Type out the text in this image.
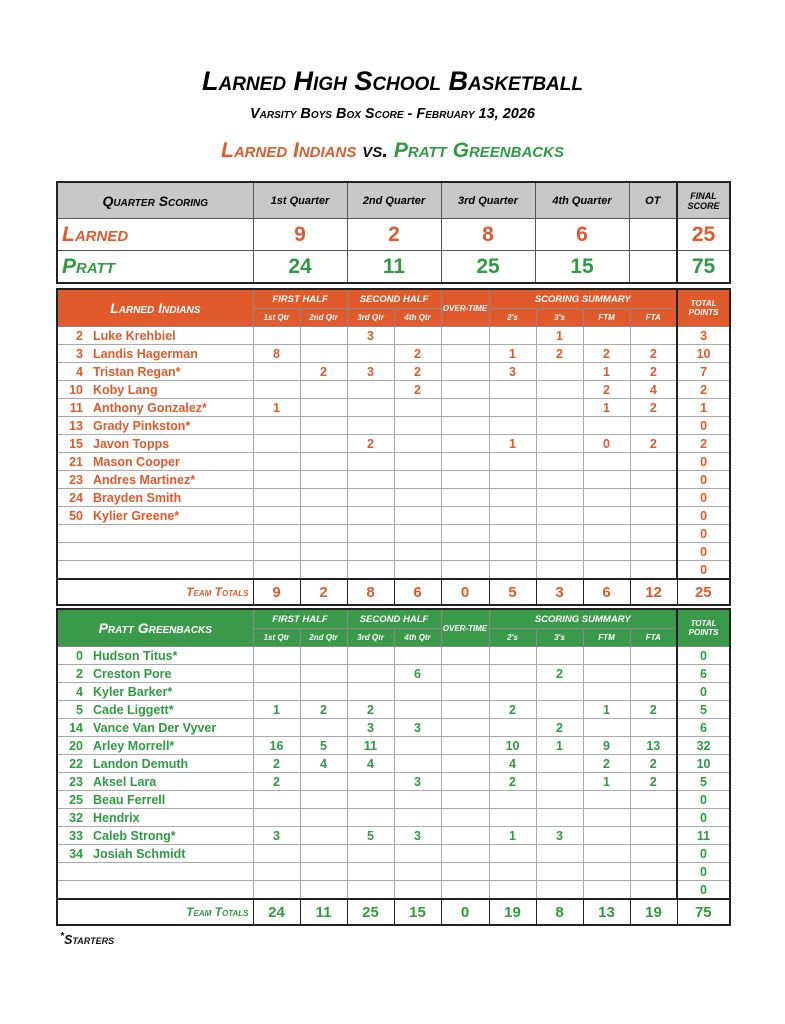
Larned High School Basketball
Varsity Boys Box Score - February 13, 2026
Larned Indians vs. Pratt Greenbacks
Quarter Scoring	1st Quarter	2nd Quarter	3rd Quarter	4th Quarter	OT	FINAL SCORE
Larned	9	2	8	6		25
Pratt	24	11	25	15		75
Larned Indians		FIRST HALF		SECOND HALF		OVER-TIME	SCORING SUMMARY				TOTAL POINTS
		1st Qtr	2nd Qtr	3rd Qtr	4th Qtr		2's	3's	FTM	FTA	
2	Luke Krehbiel			3				1			3
3	Landis Hagerman	8			2		1	2	2	2	10
4	Tristan Regan*		2	3	2		3		1	2	7
10	Koby Lang				2				2	4	2
11	Anthony Gonzalez*	1							1	2	1
13	Grady Pinkston*										0
15	Javon Topps			2			1		0	2	2
21	Mason Cooper										0
23	Andres Martinez*										0
24	Brayden Smith										0
50	Kylier Greene*										0
											0
											0
											0
Team Totals		9	2	8	6	0	5	3	6	12	25
Pratt Greenbacks		FIRST HALF		SECOND HALF		OVER-TIME	SCORING SUMMARY				TOTAL POINTS
		1st Qtr	2nd Qtr	3rd Qtr	4th Qtr		2's	3's	FTM	FTA	
0	Hudson Titus*										0
2	Creston Pore				6			2			6
4	Kyler Barker*										0
5	Cade Liggett*	1	2	2			2		1	2	5
14	Vance Van Der Vyver			3	3			2			6
20	Arley Morrell*	16	5	11			10	1	9	13	32
22	Landon Demuth	2	4	4			4		2	2	10
23	Aksel Lara	2			3		2		1	2	5
25	Beau Ferrell										0
32	Hendrix										0
33	Caleb Strong*	3		5	3		1	3			11
34	Josiah Schmidt										0
											0
											0
Team Totals		24	11	25	15	0	19	8	13	19	75
*Starters
